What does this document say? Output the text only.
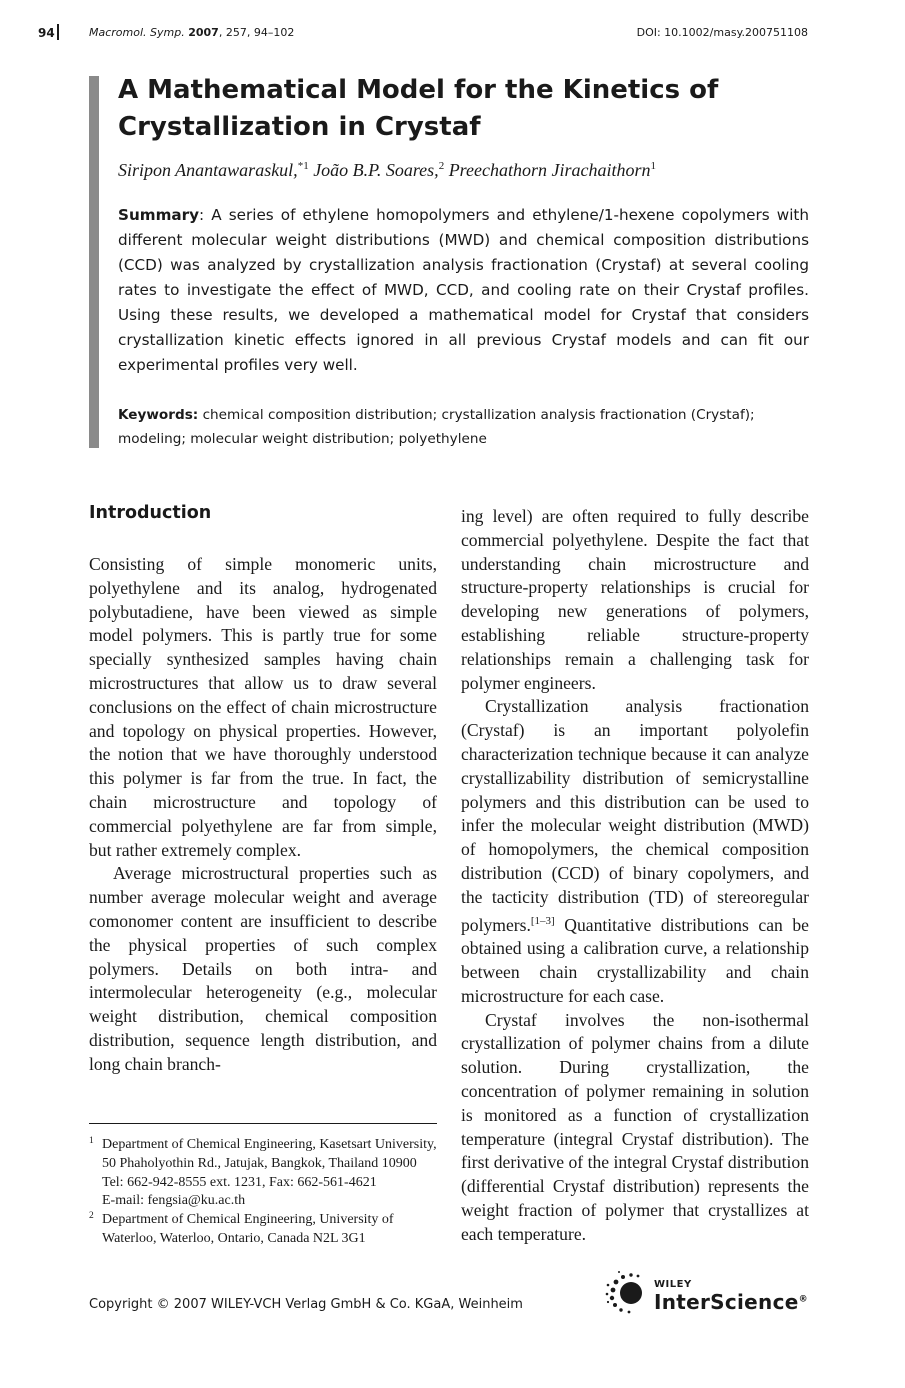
94	Macromol. Symp. 2007, 257, 94–102	DOI: 10.1002/masy.200751108
A Mathematical Model for the Kinetics of
Crystallization in Crystaf
Siripon Anantawaraskul,$^{*1}$ João B.P. Soares,$^2$ Preechathorn Jirachaithorn$^1$

Summary: A series of ethylene homopolymers and ethylene/1-hexene copolymers with different molecular weight distributions (MWD) and chemical composition distributions (CCD) was analyzed by crystallization analysis fractionation (Crystaf) at several cooling rates to investigate the effect of MWD, CCD, and cooling rate on their Crystaf profiles. Using these results, we developed a mathematical model for Crystaf that considers crystallization kinetic effects ignored in all previous Crystaf models and can fit our experimental profiles very well.

Keywords: chemical composition distribution; crystallization analysis fractionation (Crystaf); modeling; molecular weight distribution; polyethylene

Introduction

Consisting of simple monomeric units, polyethylene and its analog, hydrogenated polybutadiene, have been viewed as simple model polymers. This is partly true for some specially synthesized samples having chain microstructures that allow us to draw several conclusions on the effect of chain microstructure and topology on physical properties. However, the notion that we have thoroughly understood this polymer is far from the true. In fact, the chain microstructure and topology of commercial polyethylene are far from simple, but rather extremely complex.

Average microstructural properties such as number average molecular weight and average comonomer content are insufficient to describe the physical properties of such complex polymers. Details on both intra- and intermolecular heterogeneity (e.g., molecular weight distribution, chemical composition distribution, sequence length distribution, and long chain branch-

ing level) are often required to fully describe commercial polyethylene. Despite the fact that understanding chain microstructure and structure-property relationships is crucial for developing new generations of polymers, establishing reliable structure-property relationships remain a challenging task for polymer engineers.

Crystallization analysis fractionation (Crystaf) is an important polyolefin characterization technique because it can analyze crystallizability distribution of semicrystalline polymers and this distribution can be used to infer the molecular weight distribution (MWD) of homopolymers, the chemical composition distribution (CCD) of binary copolymers, and the tacticity distribution (TD) of stereoregular polymers.[1–3] Quantitative distributions can be obtained using a calibration curve, a relationship between chain crystallizability and chain microstructure for each case.

Crystaf involves the non-isothermal crystallization of polymer chains from a dilute solution. During crystallization, the concentration of polymer remaining in solution is monitored as a function of crystallization temperature (integral Crystaf distribution). The first derivative of the integral Crystaf distribution (differential Crystaf distribution) represents the weight fraction of polymer that crystallizes at each temperature.

1 Department of Chemical Engineering, Kasetsart University, 50 Phaholyothin Rd., Jatujak, Bangkok, Thailand 10900
Tel: 662-942-8555 ext. 1231, Fax: 662-561-4621
E-mail: fengsia@ku.ac.th
2 Department of Chemical Engineering, University of Waterloo, Waterloo, Ontario, Canada N2L 3G1
Copyright © 2007 WILEY-VCH Verlag GmbH & Co. KGaA, Weinheim
WILEY
InterScience®
